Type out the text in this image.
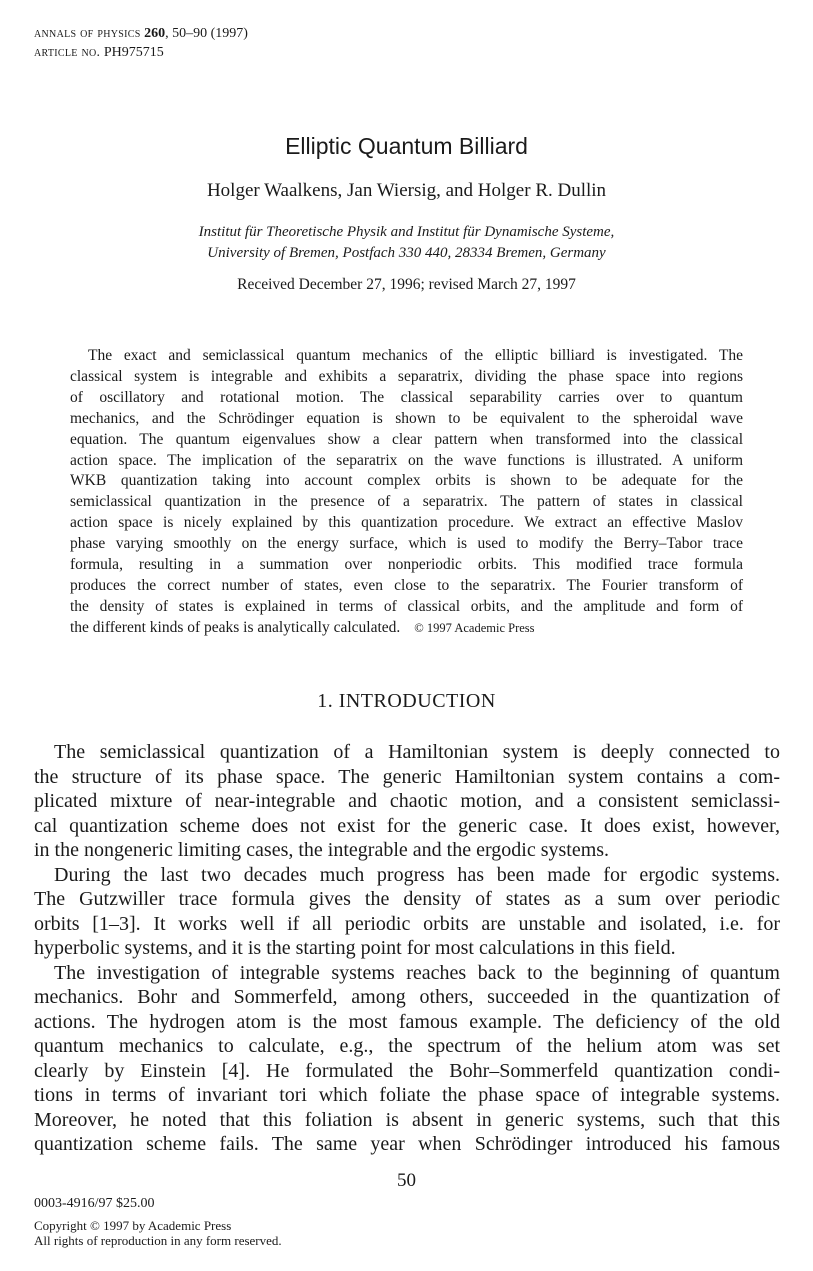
annals of physics 260, 50–90 (1997)
article no. PH975715
Elliptic Quantum Billiard
Holger Waalkens, Jan Wiersig, and Holger R. Dullin
Institut für Theoretische Physik and Institut für Dynamische Systeme,
University of Bremen, Postfach 330 440, 28334 Bremen, Germany
Received December 27, 1996; revised March 27, 1997
The exact and semiclassical quantum mechanics of the elliptic billiard is investigated. The
classical system is integrable and exhibits a separatrix, dividing the phase space into regions
of oscillatory and rotational motion. The classical separability carries over to quantum
mechanics, and the Schrödinger equation is shown to be equivalent to the spheroidal wave
equation. The quantum eigenvalues show a clear pattern when transformed into the classical
action space. The implication of the separatrix on the wave functions is illustrated. A uniform
WKB quantization taking into account complex orbits is shown to be adequate for the
semiclassical quantization in the presence of a separatrix. The pattern of states in classical
action space is nicely explained by this quantization procedure. We extract an effective Maslov
phase varying smoothly on the energy surface, which is used to modify the Berry–Tabor trace
formula, resulting in a summation over nonperiodic orbits. This modified trace formula
produces the correct number of states, even close to the separatrix. The Fourier transform of
the density of states is explained in terms of classical orbits, and the amplitude and form of
the different kinds of peaks is analytically calculated. © 1997 Academic Press
1. INTRODUCTION
The semiclassical quantization of a Hamiltonian system is deeply connected to
the structure of its phase space. The generic Hamiltonian system contains a com-
plicated mixture of near-integrable and chaotic motion, and a consistent semiclassi-
cal quantization scheme does not exist for the generic case. It does exist, however,
in the nongeneric limiting cases, the integrable and the ergodic systems.
During the last two decades much progress has been made for ergodic systems.
The Gutzwiller trace formula gives the density of states as a sum over periodic
orbits [1–3]. It works well if all periodic orbits are unstable and isolated, i.e. for
hyperbolic systems, and it is the starting point for most calculations in this field.
The investigation of integrable systems reaches back to the beginning of quantum
mechanics. Bohr and Sommerfeld, among others, succeeded in the quantization of
actions. The hydrogen atom is the most famous example. The deficiency of the old
quantum mechanics to calculate, e.g., the spectrum of the helium atom was set
clearly by Einstein [4]. He formulated the Bohr–Sommerfeld quantization condi-
tions in terms of invariant tori which foliate the phase space of integrable systems.
Moreover, he noted that this foliation is absent in generic systems, such that this
quantization scheme fails. The same year when Schrödinger introduced his famous
50
0003-4916/97 $25.00
Copyright © 1997 by Academic Press
All rights of reproduction in any form reserved.
